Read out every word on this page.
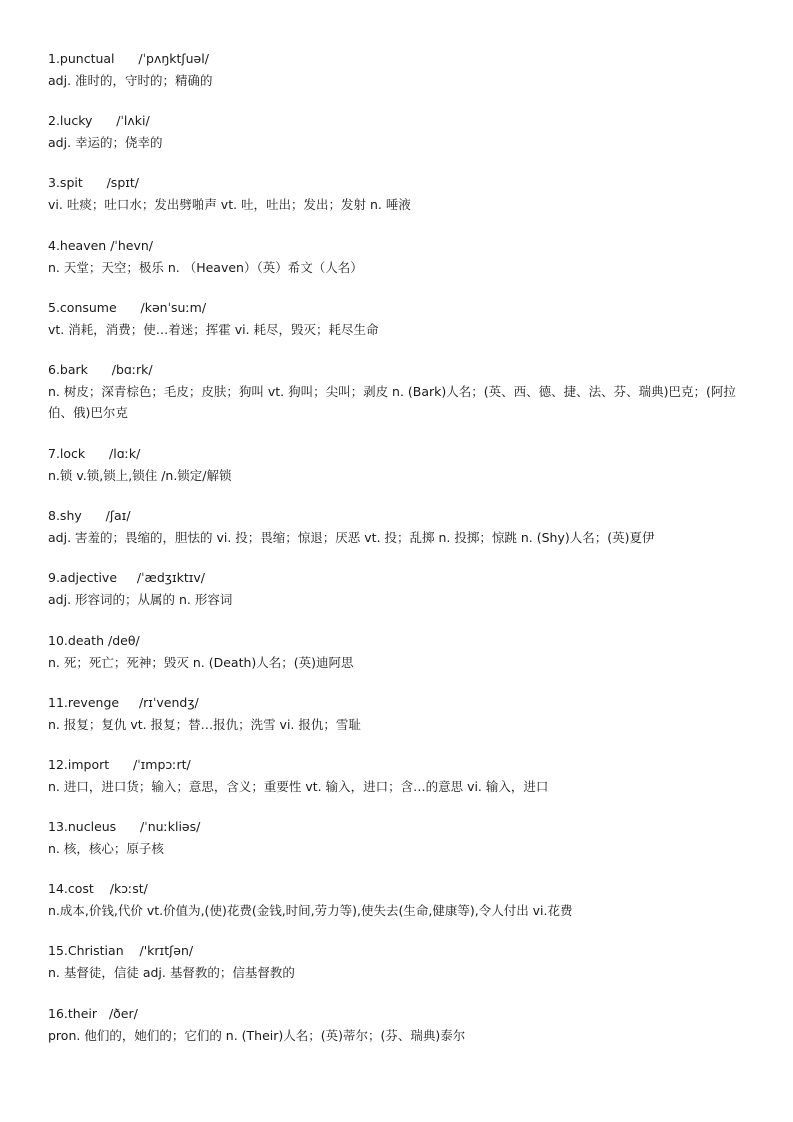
1.punctual /ˈpʌŋktʃuəl/
adj. 准时的，守时的；精确的
2.lucky /ˈlʌki/
adj. 幸运的；侥幸的
3.spit /spɪt/
vi. 吐痰；吐口水；发出劈啪声 vt. 吐，吐出；发出；发射 n. 唾液
4.heaven /ˈhevn/
n. 天堂；天空；极乐 n. （Heaven）（英）希文（人名）
5.consume /kənˈsuːm/
vt. 消耗，消费；使…着迷；挥霍 vi. 耗尽，毁灭；耗尽生命
6.bark /bɑːrk/
n. 树皮；深青棕色；毛皮；皮肤；狗叫 vt. 狗叫；尖叫；剥皮 n. (Bark)人名；(英、西、德、捷、法、芬、瑞典)巴克；(阿拉伯、俄)巴尔克
7.lock /lɑːk/
n.锁 v.锁,锁上,锁住 /n.锁定/解锁
8.shy /ʃaɪ/
adj. 害羞的；畏缩的，胆怯的 vi. 投；畏缩；惊退；厌恶 vt. 投；乱掷 n. 投掷；惊跳 n. (Shy)人名；(英)夏伊
9.adjective /ˈædʒɪktɪv/
adj. 形容词的；从属的 n. 形容词
10.death /deθ/
n. 死；死亡；死神；毁灭 n. (Death)人名；(英)迪阿思
11.revenge /rɪˈvendʒ/
n. 报复；复仇 vt. 报复；替…报仇；洗雪 vi. 报仇；雪耻
12.import /ˈɪmpɔːrt/
n. 进口，进口货；输入；意思，含义；重要性 vt. 输入，进口；含…的意思 vi. 输入，进口
13.nucleus /ˈnuːkliəs/
n. 核，核心；原子核
14.cost /kɔːst/
n.成本,价钱,代价 vt.价值为,(使)花费(金钱,时间,劳力等),使失去(生命,健康等),令人付出 vi.花费
15.Christian /'krɪtʃən/
n. 基督徒，信徒 adj. 基督教的；信基督教的
16.their /ðer/
pron. 他们的，她们的；它们的 n. (Their)人名；(英)蒂尔；(芬、瑞典)泰尔
